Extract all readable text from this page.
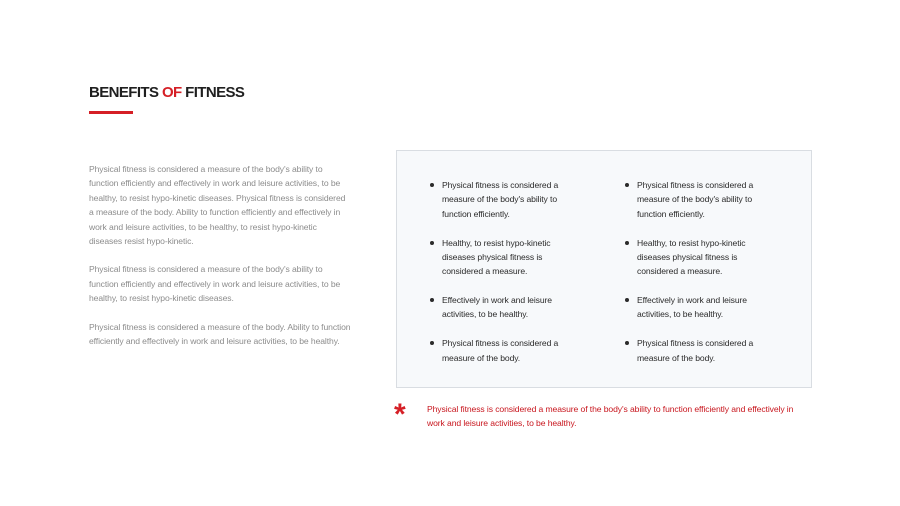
BENEFITS OF FITNESS

Physical fitness is considered a measure of the body's ability to function efficiently and effectively in work and leisure activities, to be healthy, to resist hypo-kinetic diseases. Physical fitness is considered a measure of the body. Ability to function efficiently and effectively in work and leisure activities, to be healthy, to resist hypo-kinetic diseases resist hypo-kinetic.

Physical fitness is considered a measure of the body's ability to function efficiently and effectively in work and leisure activities, to be healthy, to resist hypo-kinetic diseases.

Physical fitness is considered a measure of the body. Ability to function efficiently and effectively in work and leisure activities, to be healthy.

Physical fitness is considered a measure of the body's ability to function efficiently.
Healthy, to resist hypo-kinetic diseases physical fitness is considered a measure.
Effectively in work and leisure activities, to be healthy.
Physical fitness is considered a measure of the body.
Physical fitness is considered a measure of the body's ability to function efficiently.
Healthy, to resist hypo-kinetic diseases physical fitness is considered a measure.
Effectively in work and leisure activities, to be healthy.
Physical fitness is considered a measure of the body.
* Physical fitness is considered a measure of the body's ability to function efficiently and effectively in work and leisure activities, to be healthy.
